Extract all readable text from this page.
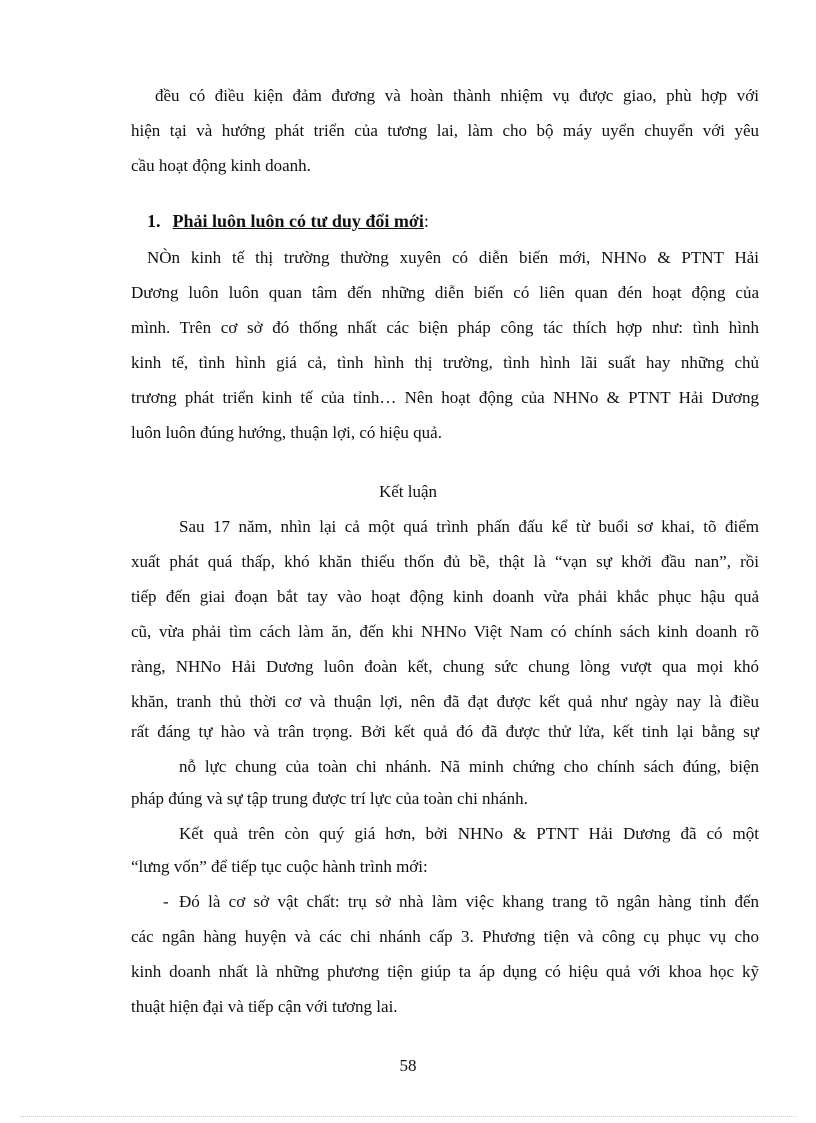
đều có điều kiện đảm đương và hoàn thành nhiệm vụ được giao, phù hợp với
hiện tại và hướng phát triển của tương lai, làm cho bộ máy uyển chuyển với yêu
cầu hoạt động kinh doanh.
1. Phải luôn luôn có tư duy đổi mới:
NÒn kinh tế thị trường thường xuyên có diễn biến mới, NHNo & PTNT Hải
Dương luôn luôn quan tâm đến những diễn biến có liên quan đén hoạt động của
mình. Trên cơ sở đó thống nhất các biện pháp công tác thích hợp như: tình hình
kinh tế, tình hình giá cả, tình hình thị trường, tình hình lãi suất hay những chủ
trương phát triển kinh tế của tỉnh… Nên hoạt động của NHNo & PTNT Hải Dương
luôn luôn đúng hướng, thuận lợi, có hiệu quả.
Kết luận
Sau 17 năm, nhìn lại cả một quá trình phấn đấu kể từ buổi sơ khai, tõ điểm
xuất phát quá thấp, khó khăn thiếu thốn đủ bề, thật là “vạn sự khởi đầu nan”, rồi
tiếp đến giai đoạn bắt tay vào hoạt động kinh doanh vừa phải khắc phục hậu quả
cũ, vừa phải tìm cách làm ăn, đến khi NHNo Việt Nam có chính sách kinh doanh rõ
ràng, NHNo Hải Dương luôn đoàn kết, chung sức chung lòng vượt qua mọi khó
khăn, tranh thủ thời cơ và thuận lợi, nên đã đạt được kết quả như ngày nay là điều
rất đáng tự hào và trân trọng. Bởi kết quả đó đã được thử lửa, kết tinh lại bằng sự
nỗ lực chung của toàn chi nhánh. Nã minh chứng cho chính sách đúng, biện
pháp đúng và sự tập trung được trí lực của toàn chi nhánh.
Kết quả trên còn quý giá hơn, bởi NHNo & PTNT Hải Dương đã có một
“lưng vốn” để tiếp tục cuộc hành trình mới:
- Đó là cơ sở vật chất: trụ sở nhà làm việc khang trang tõ ngân hàng tỉnh đến
các ngân hàng huyện và các chi nhánh cấp 3. Phương tiện và công cụ phục vụ cho
kinh doanh nhất là những phương tiện giúp ta áp dụng có hiệu quả với khoa học kỹ
thuật hiện đại và tiếp cận với tương lai.
58
